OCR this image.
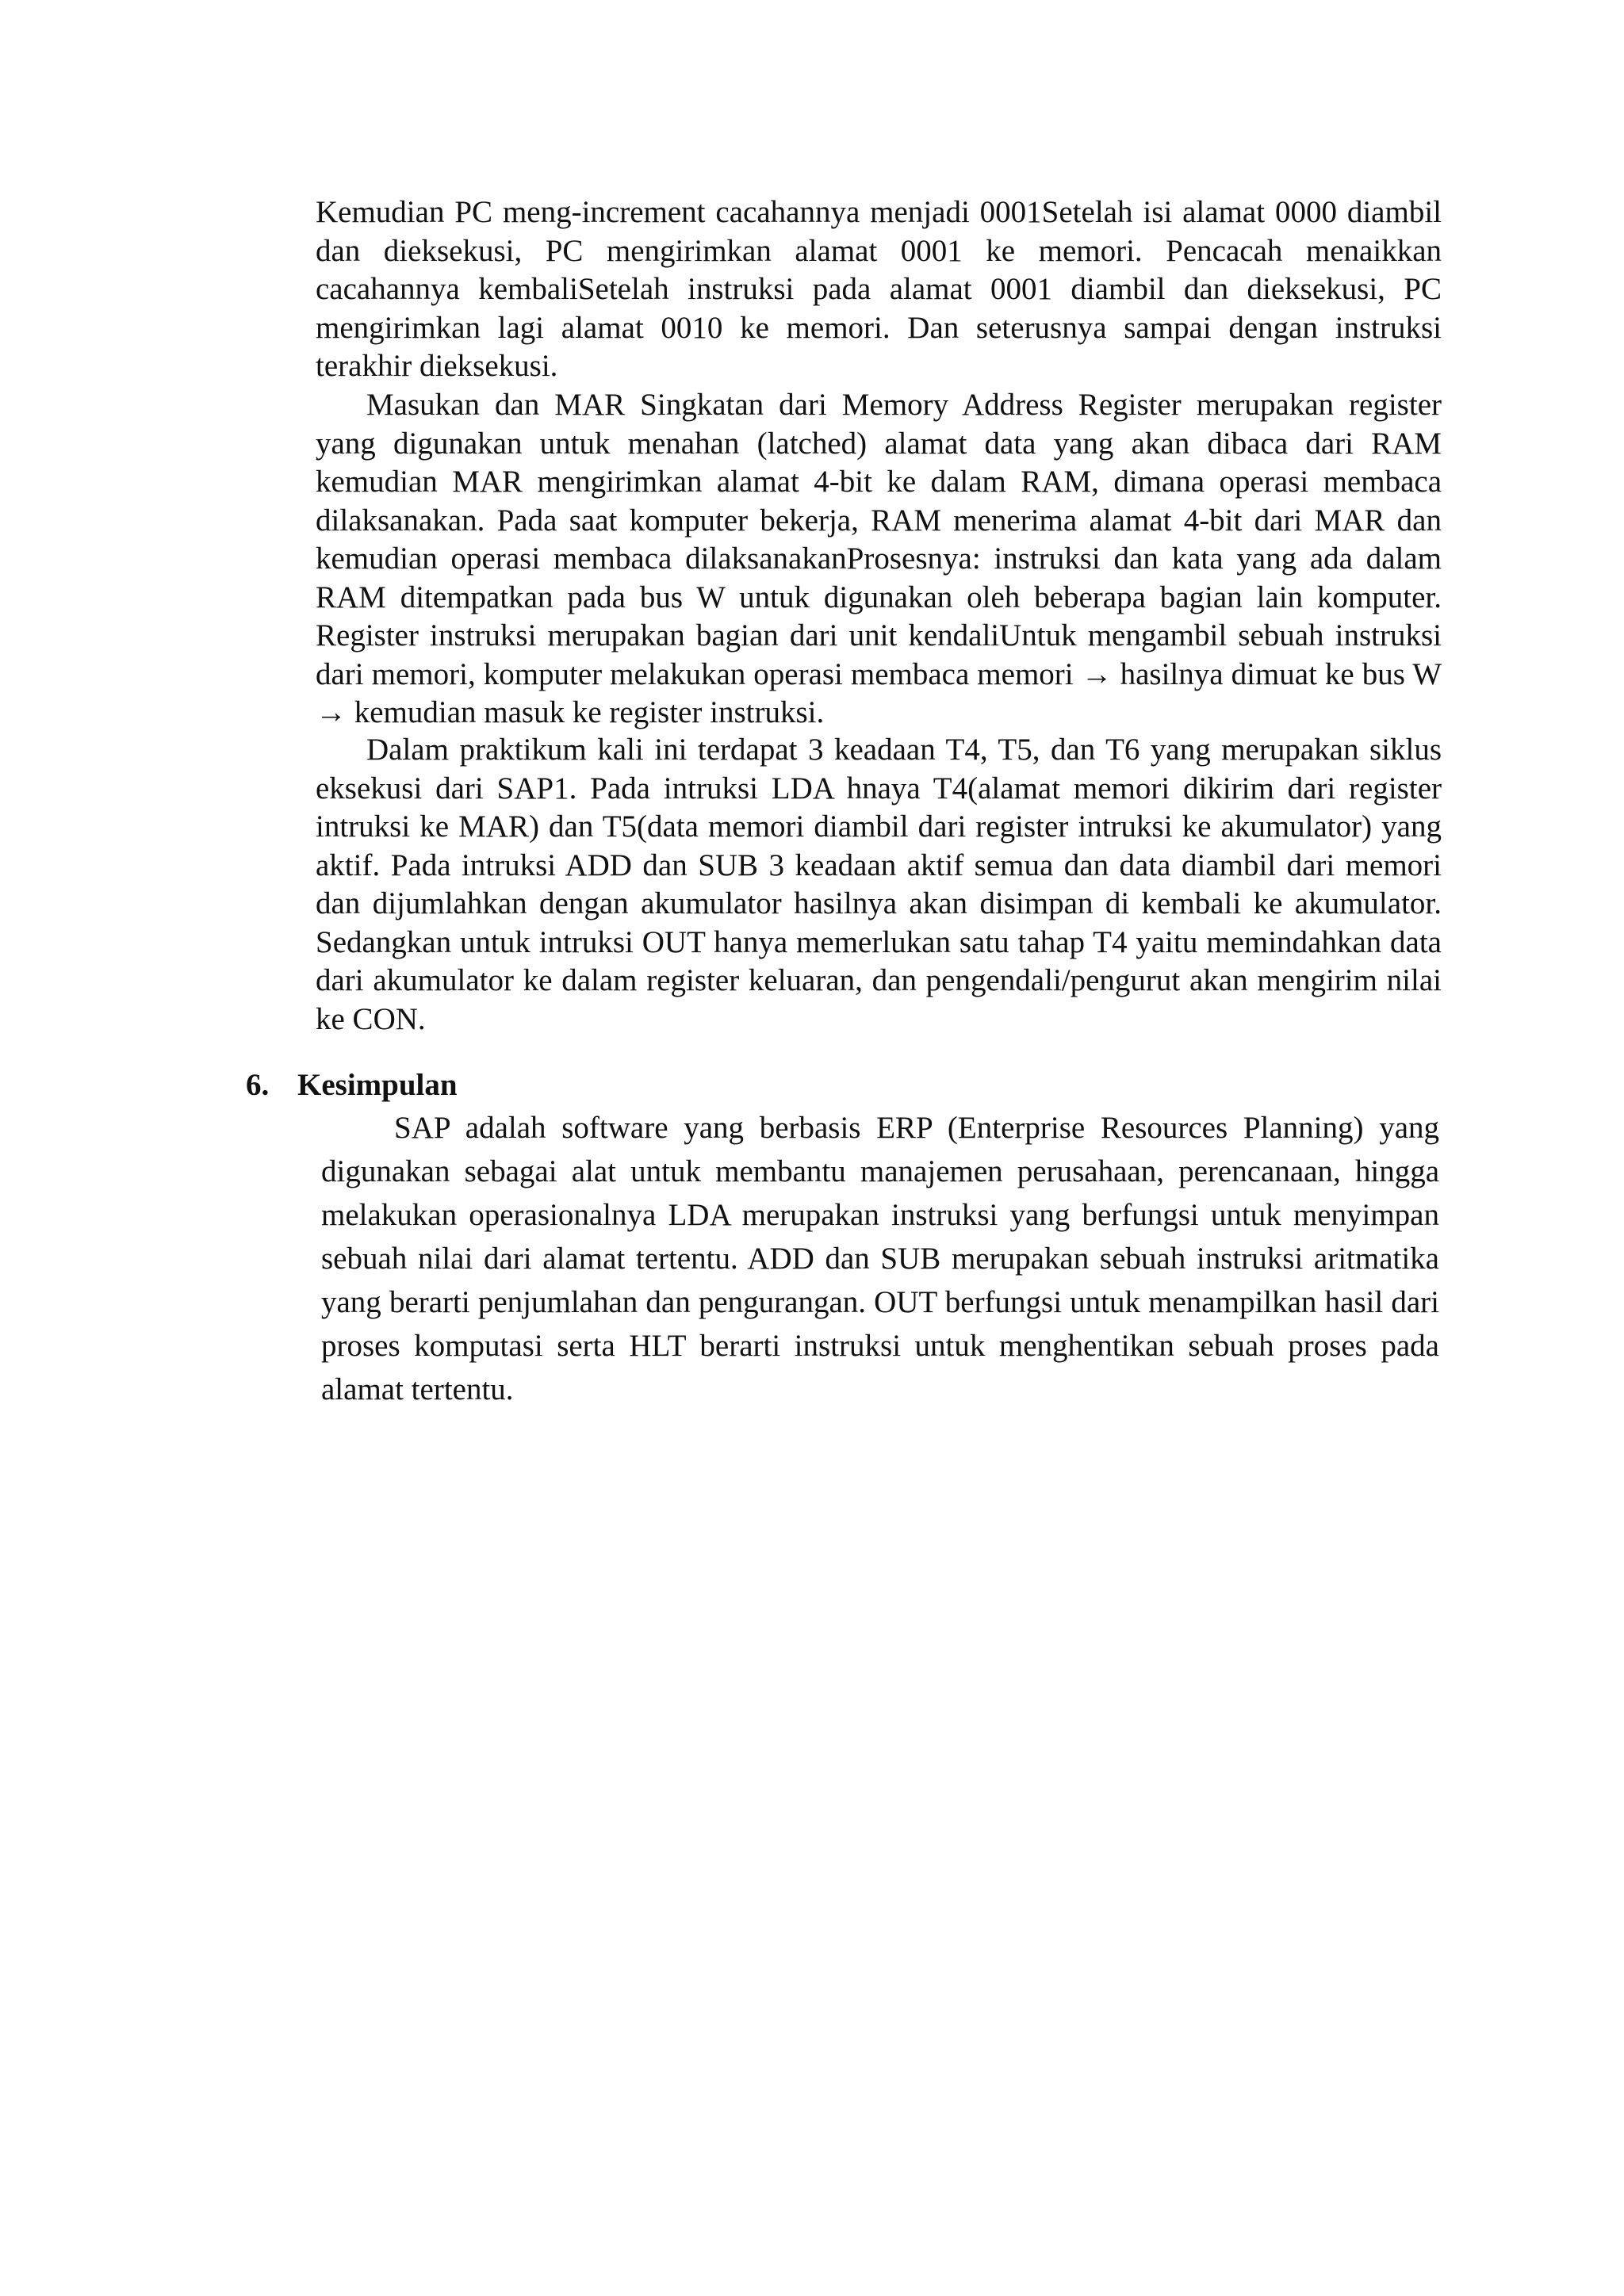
Kemudian PC meng-increment cacahannya menjadi 0001Setelah isi alamat 0000 diambil dan dieksekusi, PC mengirimkan alamat 0001 ke memori. Pencacah menaikkan cacahannya kembaliSetelah instruksi pada alamat 0001 diambil dan dieksekusi, PC mengirimkan lagi alamat 0010 ke memori. Dan seterusnya sampai dengan instruksi terakhir dieksekusi.

Masukan dan MAR Singkatan dari Memory Address Register merupakan register yang digunakan untuk menahan (latched) alamat data yang akan dibaca dari RAM kemudian MAR mengirimkan alamat 4-bit ke dalam RAM, dimana operasi membaca dilaksanakan. Pada saat komputer bekerja, RAM menerima alamat 4-bit dari MAR dan kemudian operasi membaca dilaksanakanProsesnya: instruksi dan kata yang ada dalam RAM ditempatkan pada bus W untuk digunakan oleh beberapa bagian lain komputer. Register instruksi merupakan bagian dari unit kendaliUntuk mengambil sebuah instruksi dari memori, komputer melakukan operasi membaca memori → hasilnya dimuat ke bus W → kemudian masuk ke register instruksi.

Dalam praktikum kali ini terdapat 3 keadaan T4, T5, dan T6 yang merupakan siklus eksekusi dari SAP1. Pada intruksi LDA hnaya T4(alamat memori dikirim dari register intruksi ke MAR) dan T5(data memori diambil dari register intruksi ke akumulator) yang aktif. Pada intruksi ADD dan SUB 3 keadaan aktif semua dan data diambil dari memori dan dijumlahkan dengan akumulator hasilnya akan disimpan di kembali ke akumulator. Sedangkan untuk intruksi OUT hanya memerlukan satu tahap T4 yaitu memindahkan data dari akumulator ke dalam register keluaran, dan pengendali/pengurut akan mengirim nilai ke CON.

6. Kesimpulan

SAP adalah software yang berbasis ERP (Enterprise Resources Planning) yang digunakan sebagai alat untuk membantu manajemen perusahaan, perencanaan, hingga melakukan operasionalnya LDA merupakan instruksi yang berfungsi untuk menyimpan sebuah nilai dari alamat tertentu. ADD dan SUB merupakan sebuah instruksi aritmatika yang berarti penjumlahan dan pengurangan. OUT berfungsi untuk menampilkan hasil dari proses komputasi serta HLT berarti instruksi untuk menghentikan sebuah proses pada alamat tertentu.
